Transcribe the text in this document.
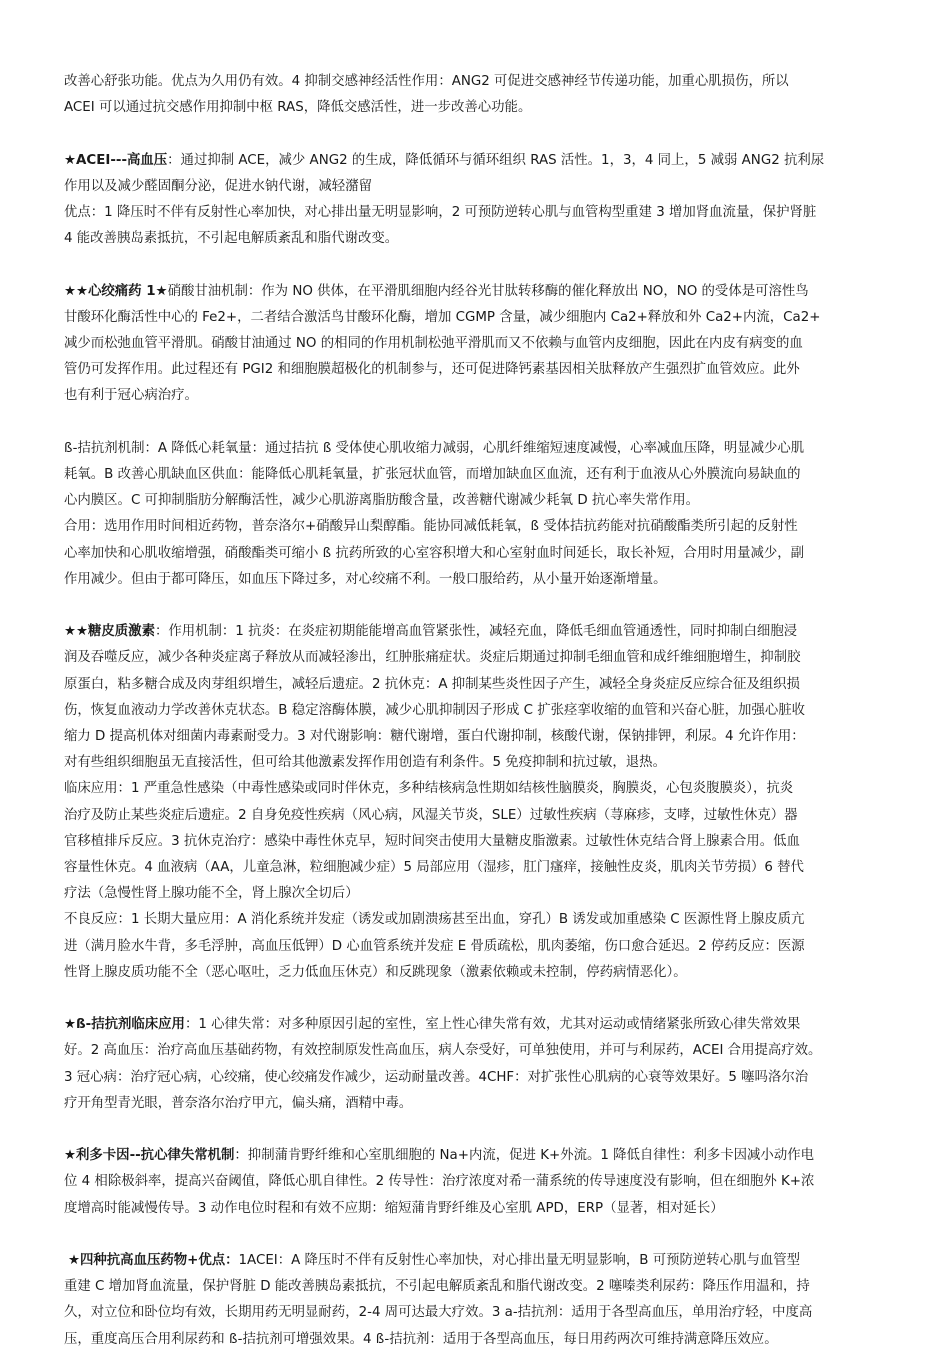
改善心舒张功能。优点为久用仍有效。4 抑制交感神经活性作用：ANG2 可促进交感神经节传递功能，加重心肌损伤，所以
ACEI 可以通过抗交感作用抑制中枢 RAS，降低交感活性，进一步改善心功能。
★ACEI---高血压：通过抑制 ACE，减少 ANG2 的生成，降低循环与循环组织 RAS 活性。1，3，4 同上，5 减弱 ANG2 抗利尿
作用以及减少醛固酮分泌，促进水钠代谢，减轻潴留
优点：1 降压时不伴有反射性心率加快，对心排出量无明显影响，2 可预防逆转心肌与血管构型重建 3 增加肾血流量，保护肾脏
4 能改善胰岛素抵抗，不引起电解质紊乱和脂代谢改变。
★★心绞痛药 1★硝酸甘油机制：作为 NO 供体，在平滑肌细胞内经谷光甘肽转移酶的催化释放出 NO，NO 的受体是可溶性鸟
甘酸环化酶活性中心的 Fe2+，二者结合激活鸟甘酸环化酶，增加 CGMP 含量，减少细胞内 Ca2+释放和外 Ca2+内流，Ca2+
减少而松弛血管平滑肌。硝酸甘油通过 NO 的相同的作用机制松弛平滑肌而又不依赖与血管内皮细胞，因此在内皮有病变的血
管仍可发挥作用。此过程还有 PGI2 和细胞膜超极化的机制参与，还可促进降钙素基因相关肽释放产生强烈扩血管效应。此外
也有利于冠心病治疗。
ß-拮抗剂机制：A 降低心耗氧量：通过拮抗 ß 受体使心肌收缩力减弱，心肌纤维缩短速度减慢，心率减血压降，明显减少心肌
耗氧。B 改善心肌缺血区供血：能降低心肌耗氧量，扩张冠状血管，而增加缺血区血流，还有利于血液从心外膜流向易缺血的
心内膜区。C 可抑制脂肪分解酶活性，减少心肌游离脂肪酸含量，改善糖代谢减少耗氧 D 抗心率失常作用。
合用：选用作用时间相近药物，普奈洛尔+硝酸异山梨醇酯。能协同减低耗氧，ß 受体拮抗药能对抗硝酸酯类所引起的反射性
心率加快和心肌收缩增强，硝酸酯类可缩小 ß 抗药所致的心室容积增大和心室射血时间延长，取长补短，合用时用量减少，副
作用减少。但由于都可降压，如血压下降过多，对心绞痛不利。一般口服给药，从小量开始逐渐增量。
★★糖皮质激素：作用机制：1 抗炎：在炎症初期能能增高血管紧张性，减轻充血，降低毛细血管通透性，同时抑制白细胞浸
润及吞噬反应，减少各种炎症离子释放从而减轻渗出，红肿胀痛症状。炎症后期通过抑制毛细血管和成纤维细胞增生，抑制胶
原蛋白，粘多糖合成及肉芽组织增生，减轻后遗症。2 抗休克：A 抑制某些炎性因子产生，减轻全身炎症反应综合征及组织损
伤，恢复血液动力学改善休克状态。B 稳定溶酶体膜，减少心肌抑制因子形成 C 扩张痉挛收缩的血管和兴奋心脏，加强心脏收
缩力 D 提高机体对细菌内毒素耐受力。3 对代谢影响：糖代谢增，蛋白代谢抑制，核酸代谢，保钠排钾，利尿。4 允许作用：
对有些组织细胞虽无直接活性，但可给其他激素发挥作用创造有利条件。5 免疫抑制和抗过敏，退热。
临床应用：1 严重急性感染（中毒性感染或同时伴休克，多种结核病急性期如结核性脑膜炎，胸膜炎，心包炎腹膜炎），抗炎
治疗及防止某些炎症后遗症。2 自身免疫性疾病（风心病，风湿关节炎，SLE）过敏性疾病（荨麻疹，支哮，过敏性休克）器
官移植排斥反应。3 抗休克治疗：感染中毒性休克早，短时间突击使用大量糖皮脂激素。过敏性休克结合肾上腺素合用。低血
容量性休克。4 血液病（AA，儿童急淋，粒细胞减少症）5 局部应用（湿疹，肛门瘙痒，接触性皮炎，肌肉关节劳损）6 替代
疗法（急慢性肾上腺功能不全，肾上腺次全切后）
不良反应：1 长期大量应用：A 消化系统并发症（诱发或加剧溃疡甚至出血，穿孔）B 诱发或加重感染 C 医源性肾上腺皮质亢
进（满月脸水牛背，多毛浮肿，高血压低钾）D 心血管系统并发症 E 骨质疏松，肌肉萎缩，伤口愈合延迟。2 停药反应：医源
性肾上腺皮质功能不全（恶心呕吐，乏力低血压休克）和反跳现象（激素依赖或未控制，停药病情恶化）。
★ß-拮抗剂临床应用：1 心律失常：对多种原因引起的室性，室上性心律失常有效，尤其对运动或情绪紧张所致心律失常效果
好。2 高血压：治疗高血压基础药物，有效控制原发性高血压，病人奈受好，可单独使用，并可与利尿药，ACEI 合用提高疗效。
3 冠心病：治疗冠心病，心绞痛，使心绞痛发作减少，运动耐量改善。4CHF：对扩张性心肌病的心衰等效果好。5 噻吗洛尔治
疗开角型青光眼，普奈洛尔治疗甲亢，偏头痛，酒精中毒。
★利多卡因--抗心律失常机制：抑制蒲肯野纤维和心室肌细胞的 Na+内流，促进 K+外流。1 降低自律性：利多卡因减小动作电
位 4 相除极斜率，提高兴奋阈值，降低心肌自律性。2 传导性：治疗浓度对希一蒲系统的传导速度没有影响，但在细胞外 K+浓
度增高时能减慢传导。3 动作电位时程和有效不应期：缩短蒲肯野纤维及心室肌 APD，ERP（显著，相对延长）
★四种抗高血压药物+优点：1ACEI：A 降压时不伴有反射性心率加快，对心排出量无明显影响，B 可预防逆转心肌与血管型
重建 C 增加肾血流量，保护肾脏 D 能改善胰岛素抵抗，不引起电解质紊乱和脂代谢改变。2 噻嗪类利尿药：降压作用温和，持
久，对立位和卧位均有效，长期用药无明显耐药，2-4 周可达最大疗效。3 a-拮抗剂：适用于各型高血压，单用治疗轻，中度高
压，重度高压合用利尿药和 ß-拮抗剂可增强效果。4 ß-拮抗剂：适用于各型高血压，每日用药两次可维持满意降压效应。
